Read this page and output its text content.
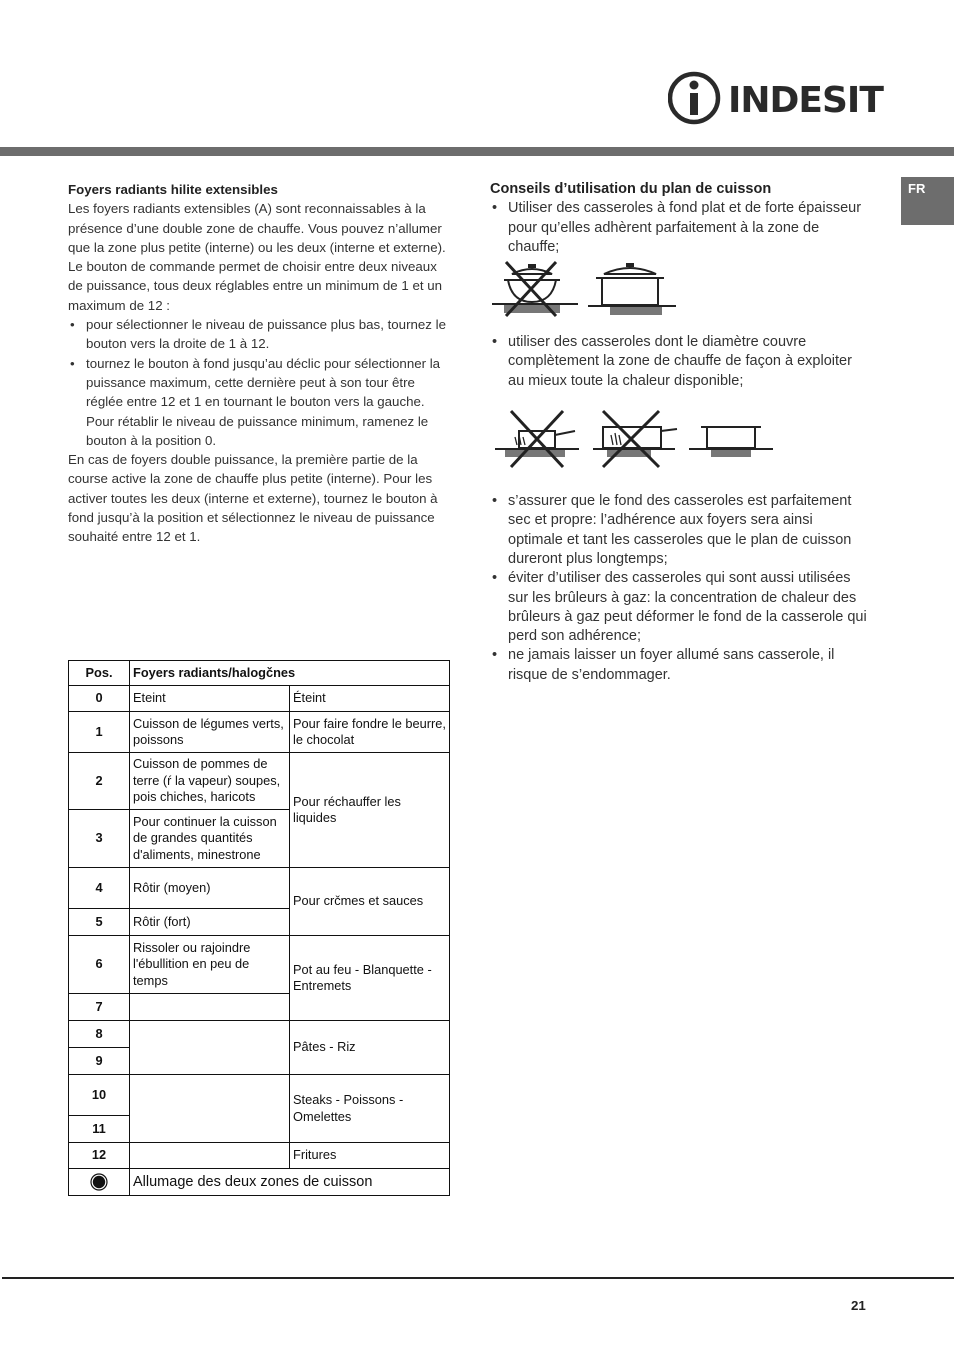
INDESIT
FR
Foyers radiants hilite extensibles

Les foyers radiants extensibles (A) sont reconnaissables à la présence d’une double zone de chauffe. Vous pouvez n’allumer que la zone plus petite (interne) ou les deux (interne et externe).

Le bouton de commande permet de choisir entre deux niveaux de puissance, tous deux réglables entre un minimum de 1 et un maximum de 12 :

• pour sélectionner le niveau de puissance plus bas, tournez le bouton vers la droite de 1 à 12.
• tournez le bouton à fond jusqu’au déclic pour sélectionner la puissance maximum, cette dernière peut à son tour être réglée entre 12 et 1 en tournant le bouton vers la gauche. Pour rétablir le niveau de puissance minimum, ramenez le bouton à la position 0.

En cas de foyers double puissance, la première partie de la course active la zone de chauffe plus petite (interne). Pour les activer toutes les deux (interne et externe), tournez le bouton à fond jusqu’à la position et sélectionnez le niveau de puissance souhaité entre 12 et 1.

Conseils d’utilisation du plan de cuisson
• Utiliser des casseroles à fond plat et de forte épaisseur pour qu’elles adhèrent parfaitement à la zone de chauffe;
• utiliser des casseroles dont le diamètre couvre complètement la zone de chauffe de façon à exploiter au mieux toute la chaleur disponible;
• s’assurer que le fond des casseroles est parfaitement sec et propre: l’adhérence aux foyers sera ainsi optimale et tant les casseroles que le plan de cuisson dureront plus longtemps;
• éviter d’utiliser des casseroles qui sont aussi utilisées sur les brûleurs à gaz: la concentration de chaleur des brûleurs à gaz peut déformer le fond de la casserole qui perd son adhérence;
• ne jamais laisser un foyer allumé sans casserole, il risque de s’endommager.
Pos.	Foyers radiants/halogčnes	
0	Eteint	Éteint
1	Cuisson de légumes verts, poissons	Pour faire fondre le beurre, le chocolat
2	Cuisson de pommes de terre (ŕ la vapeur) soupes, pois chiches, haricots	Pour réchauffer les liquides
3	Pour continuer la cuisson de grandes quantités d'aliments, minestrone	
4	Rôtir (moyen)	Pour crčmes et sauces
5	Rôtir (fort)	
6	Rissoler ou rajoindre l'ébullition en peu de temps	Pot au feu - Blanquette - Entremets
7		
8		Pâtes - Riz
9		
10		Steaks - Poissons - Omelettes
11		
12		Fritures
	Allumage des deux zones de cuisson	
21
